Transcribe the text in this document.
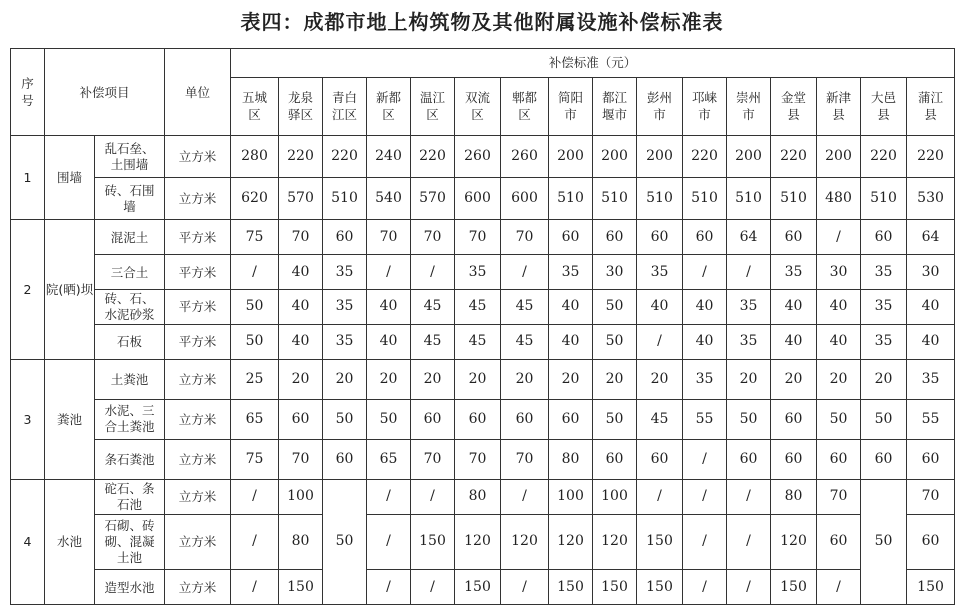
表四：成都市地上构筑物及其他附属设施补偿标准表
序号	补偿项目		单位	补偿标准（元）															
				五城区	龙泉驿区	青白江区	新都区	温江区	双流区	郫都区	简阳市	都江堰市	彭州市	邛崃市	崇州市	金堂县	新津县	大邑县	蒲江县
1	围墙	乱石垒、土围墙	立方米	280	220	220	240	220	260	260	200	200	200	220	200	220	200	220	220
		砖、石围墙	立方米	620	570	510	540	570	600	600	510	510	510	510	510	510	480	510	530
2	院(晒)坝	混泥土	平方米	75	70	60	70	70	70	70	60	60	60	60	64	60	/	60	64
		三合土	平方米	/	40	35	/	/	35	/	35	30	35	/	/	35	30	35	30
		砖、石、水泥砂浆	平方米	50	40	35	40	45	45	45	40	50	40	40	35	40	40	35	40
		石板	平方米	50	40	35	40	45	45	45	40	50	/	40	35	40	40	35	40
3	粪池	土粪池	立方米	25	20	20	20	20	20	20	20	20	20	35	20	20	20	20	35
		水泥、三合土粪池	立方米	65	60	50	50	60	60	60	60	50	45	55	50	60	50	50	55
		条石粪池	立方米	75	70	60	65	70	70	70	80	60	60	/	60	60	60	60	60
4	水池	砣石、条石池	立方米	/	100	50	/	/	80	/	100	100	/	/	/	80	70	50	70
		石砌、砖砌、混凝土池	立方米	/	80		/	150	120	120	120	120	150	/	/	120	60		60
		造型水池	立方米	/	150		/	/	150	/	150	150	150	/	/	150	/		150
